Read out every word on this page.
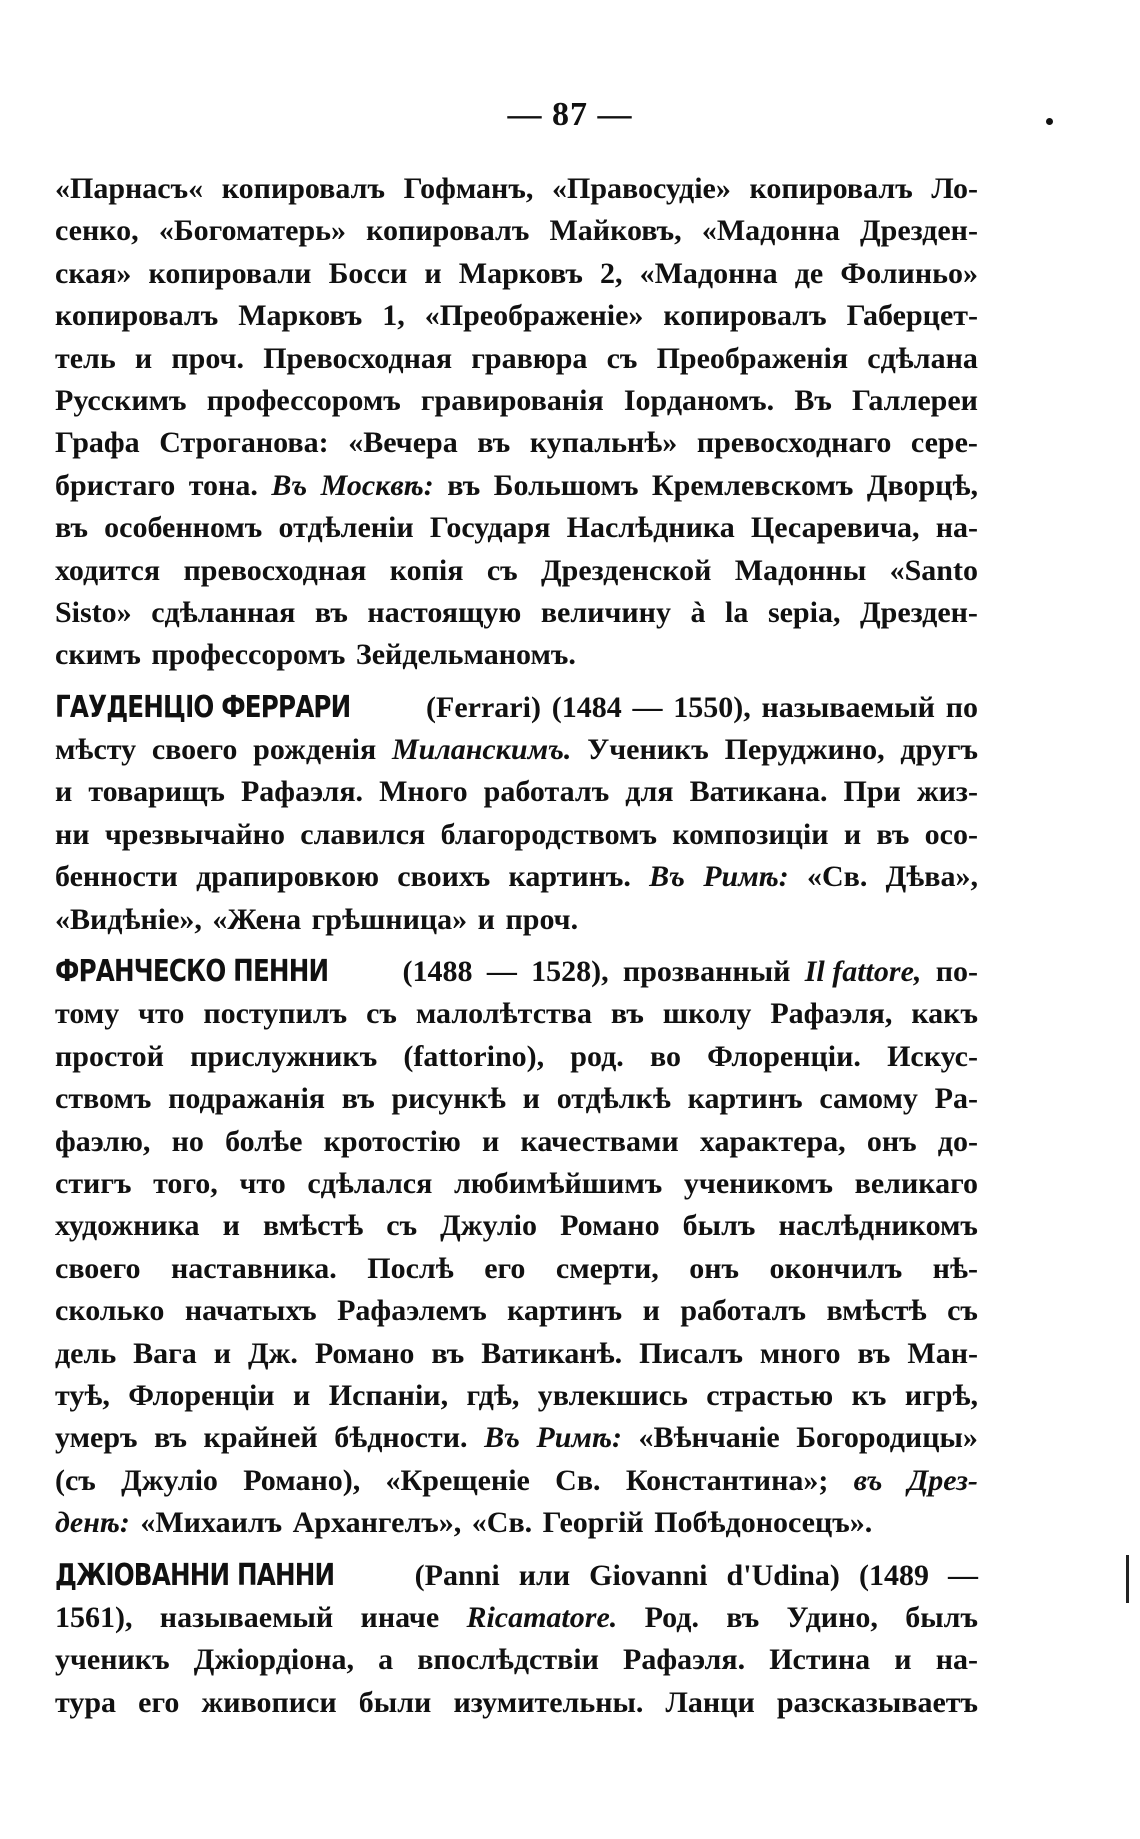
— 87 —
«Парнасъ« копировалъ Гофманъ, «Правосудіе» копировалъ Ло-
сенко, «Богоматерь» копировалъ Майковъ, «Мадонна Дрезден-
ская» копировали Босси и Марковъ 2, «Мадонна де Фолиньо»
копировалъ Марковъ 1, «Преображеніе» копировалъ Габерцет-
тель и проч. Превосходная гравюра съ Преображенія сдѣлана
Русскимъ профессоромъ гравированія Іорданомъ. Въ Галлереи
Графа Строганова: «Вечера въ купальнѣ» превосходнаго сере-
бристаго тона. Въ Москвѣ: въ Большомъ Кремлевскомъ Дворцѣ,
въ особенномъ отдѣленіи Государя Наслѣдника Цесаревича, на-
ходится превосходная копія съ Дрезденской Мадонны «Santo
Sisto» сдѣланная въ настоящую величину à la sepia, Дрезден-
скимъ профессоромъ Зейдельманомъ.
ГАУДЕНЦІО ФЕРРАРИ	(Ferrari) (1484 — 1550), называемый по
мѣсту своего рожденія Миланскимъ. Ученикъ Перуджино, другъ
и товарищъ Рафаэля. Много работалъ для Ватикана. При жиз-
ни чрезвычайно славился благородствомъ композиціи и въ осо-
бенности драпировкою своихъ картинъ. Въ Римѣ: «Св. Дѣва»,
«Видѣніе», «Жена грѣшница» и проч.
ФРАНЧЕСКО ПЕННИ (1488 — 1528), прозванный Il fattore, по-
тому что поступилъ съ малолѣтства въ школу Рафаэля, какъ
простой прислужникъ (fattorino), род. во Флоренціи. Искус-
ствомъ подражанія въ рисункѣ и отдѣлкѣ картинъ самому Ра-
фаэлю, но болѣе кротостію и качествами характера, онъ до-
стигъ того, что сдѣлался любимѣйшимъ ученикомъ великаго
художника и вмѣстѣ съ Джуліо Романо былъ наслѣдникомъ
своего наставника. Послѣ его смерти, онъ окончилъ нѣ-
сколько начатыхъ Рафаэлемъ картинъ и работалъ вмѣстѣ съ
дель Вага и Дж. Романо въ Ватиканѣ. Писалъ много въ Ман-
туѣ, Флоренціи и Испаніи, гдѣ, увлекшись страстью къ игрѣ,
умеръ въ крайней бѣдности. Въ Римѣ: «Вѣнчаніе Богородицы»
(съ Джуліо Романо), «Крещеніе Св. Константина»; въ Дрез-
денѣ: «Михаилъ Архангелъ», «Св. Георгій Побѣдоносецъ».
ДЖІОВАННИ ПАННИ	(Panni или Giovanni d'Udina) (1489 —
1561), называемый иначе Ricamatore. Род. въ Удино, былъ
ученикъ Джіордіона, а впослѣдствіи Рафаэля. Истина и на-
тура его живописи были изумительны. Ланци разсказываетъ
